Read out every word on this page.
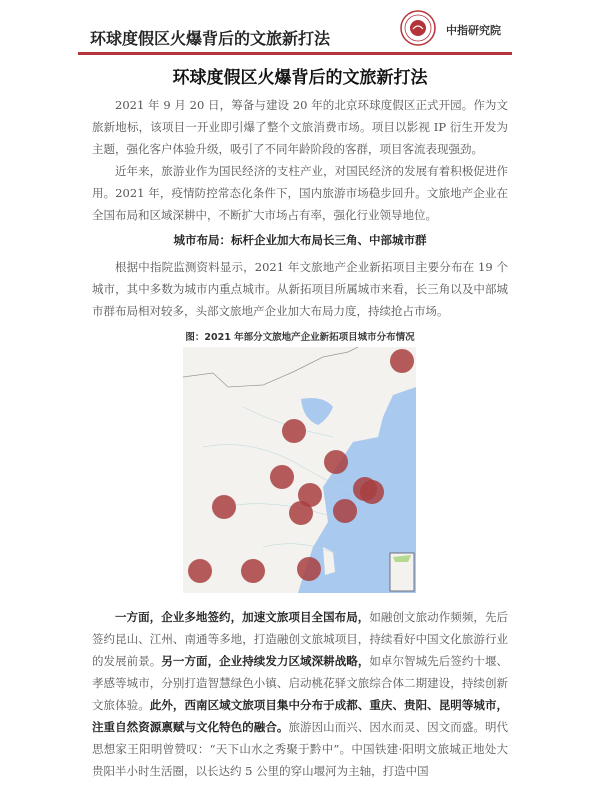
环球度假区火爆背后的文旅新打法	中指研究院
环球度假区火爆背后的文旅新打法

2021 年 9 月 20 日，筹备与建设 20 年的北京环球度假区正式开园。作为文旅新地标，该项目一开业即引爆了整个文旅消费市场。项目以影视 IP 衍生开发为主题，强化客户体验升级，吸引了不同年龄阶段的客群，项目客流表现强劲。

近年来，旅游业作为国民经济的支柱产业，对国民经济的发展有着积极促进作用。2021 年，疫情防控常态化条件下，国内旅游市场稳步回升。文旅地产企业在全国布局和区域深耕中，不断扩大市场占有率，强化行业领导地位。

城市布局：标杆企业加大布局长三角、中部城市群

根据中指院监测资料显示，2021 年文旅地产企业新拓项目主要分布在 19 个城市，其中多数为城市内重点城市。从新拓项目所属城市来看，长三角以及中部城市群布局相对较多，头部文旅地产企业加大布局力度，持续抢占市场。

图：2021 年部分文旅地产企业新拓项目城市分布情况

一方面，企业多地签约，加速文旅项目全国布局，如融创文旅动作频频，先后签约昆山、江州、南通等多地，打造融创文旅城项目，持续看好中国文化旅游行业的发展前景。另一方面，企业持续发力区域深耕战略，如卓尔智城先后签约十堰、孝感等城市，分别打造智慧绿色小镇、启动桃花驿文旅综合体二期建设，持续创新文旅体验。此外，西南区域文旅项目集中分布于成都、重庆、贵阳、昆明等城市，注重自然资源禀赋与文化特色的融合。旅游因山而兴、因水而灵、因文而盛。明代思想家王阳明曾赞叹：“天下山水之秀聚于黔中”。中国铁建·阳明文旅城正地处大贵阳半小时生活圈，以长达约 5 公里的穿山堰河为主轴，打造中国
